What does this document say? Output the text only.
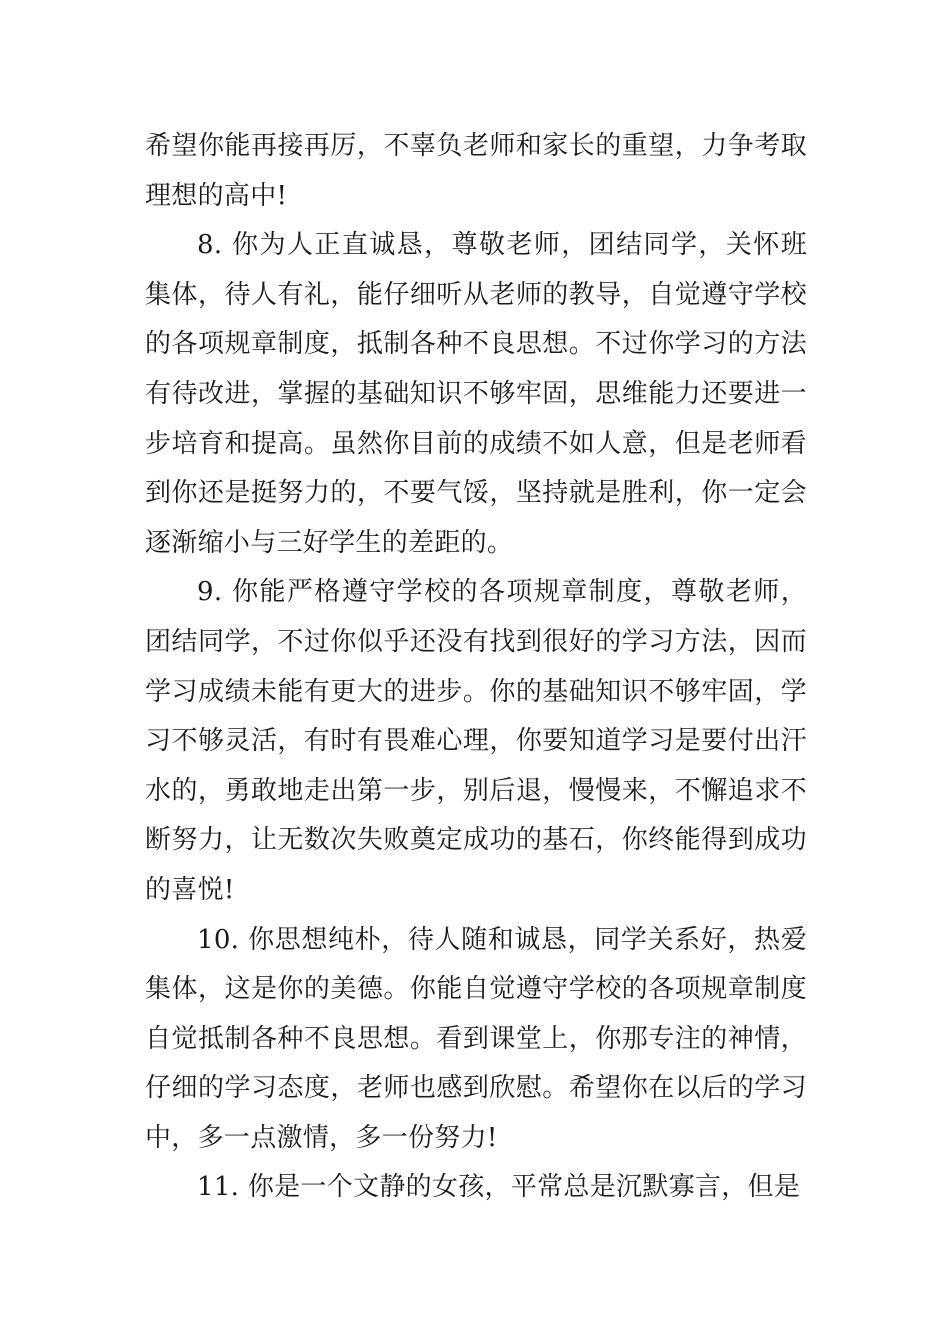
希望你能再接再厉，不辜负老师和家长的重望，力争考取理想的高中!

8. 你为人正直诚恳，尊敬老师，团结同学，关怀班集体，待人有礼，能仔细听从老师的教导，自觉遵守学校的各项规章制度，抵制各种不良思想。不过你学习的方法有待改进，掌握的基础知识不够牢固，思维能力还要进一步培育和提高。虽然你目前的成绩不如人意，但是老师看到你还是挺努力的，不要气馁，坚持就是胜利，你一定会逐渐缩小与三好学生的差距的。

9. 你能严格遵守学校的各项规章制度，尊敬老师，团结同学，不过你似乎还没有找到很好的学习方法，因而学习成绩未能有更大的进步。你的基础知识不够牢固，学习不够灵活，有时有畏难心理，你要知道学习是要付出汗水的，勇敢地走出第一步，别后退，慢慢来，不懈追求不断努力，让无数次失败奠定成功的基石，你终能得到成功的喜悦!

10. 你思想纯朴，待人随和诚恳，同学关系好，热爱集体，这是你的美德。你能自觉遵守学校的各项规章制度自觉抵制各种不良思想。看到课堂上，你那专注的神情，仔细的学习态度，老师也感到欣慰。希望你在以后的学习中，多一点激情，多一份努力!

11. 你是一个文静的女孩，平常总是沉默寡言，但是
